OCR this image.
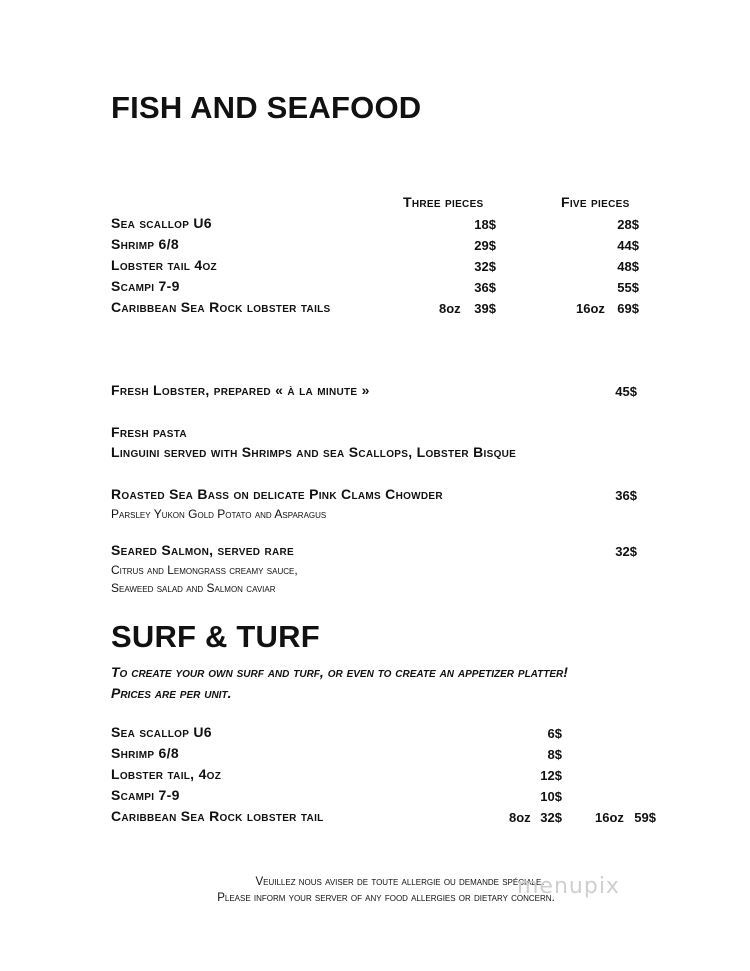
FISH AND SEAFOOD
Three pieces	Five pieces
Sea scallop U6	18$	28$
Shrimp 6/8	29$	44$
Lobster tail 4oz	32$	48$
Scampi 7-9	36$	55$
Caribbean Sea Rock lobster tails	8oz	39$	16oz 69$
Fresh Lobster, prepared « à la minute »	45$
Fresh pasta
Linguini served with Shrimps and sea Scallops, Lobster Bisque
Roasted Sea Bass on delicate Pink Clams Chowder	36$
Parsley Yukon Gold Potato and Asparagus
Seared Salmon, served rare	32$
Citrus and Lemongrass creamy sauce,
Seaweed salad and Salmon caviar
SURF & TURF
To create your own surf and turf, or even to create an appetizer platter!
Prices are per unit.
Sea scallop U6	6$
Shrimp 6/8	8$
Lobster tail, 4oz	12$
Scampi 7-9	10$
Caribbean Sea Rock lobster tail	8oz 32$	16oz 59$
Veuillez nous aviser de toute allergie ou demande spéciale.
Please inform your server of any food allergies or dietary concern.
menupix
